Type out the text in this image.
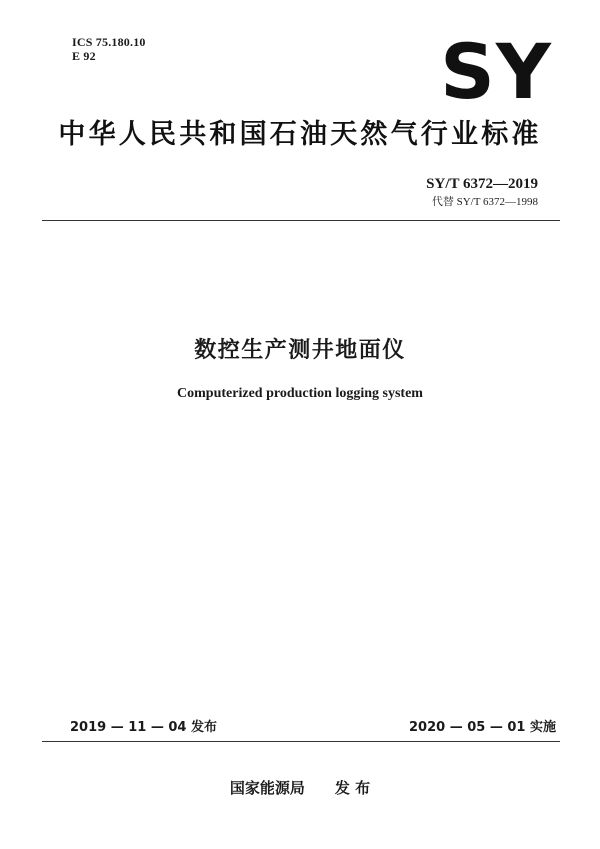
ICS 75.180.10
E 92	SY
中华人民共和国石油天然气行业标准
SY/T 6372—2019
代替 SY/T 6372—1998
数控生产测井地面仪
Computerized production logging system
2019 — 11 — 04 发布	2020 — 05 — 01 实施
国家能源局 发 布
